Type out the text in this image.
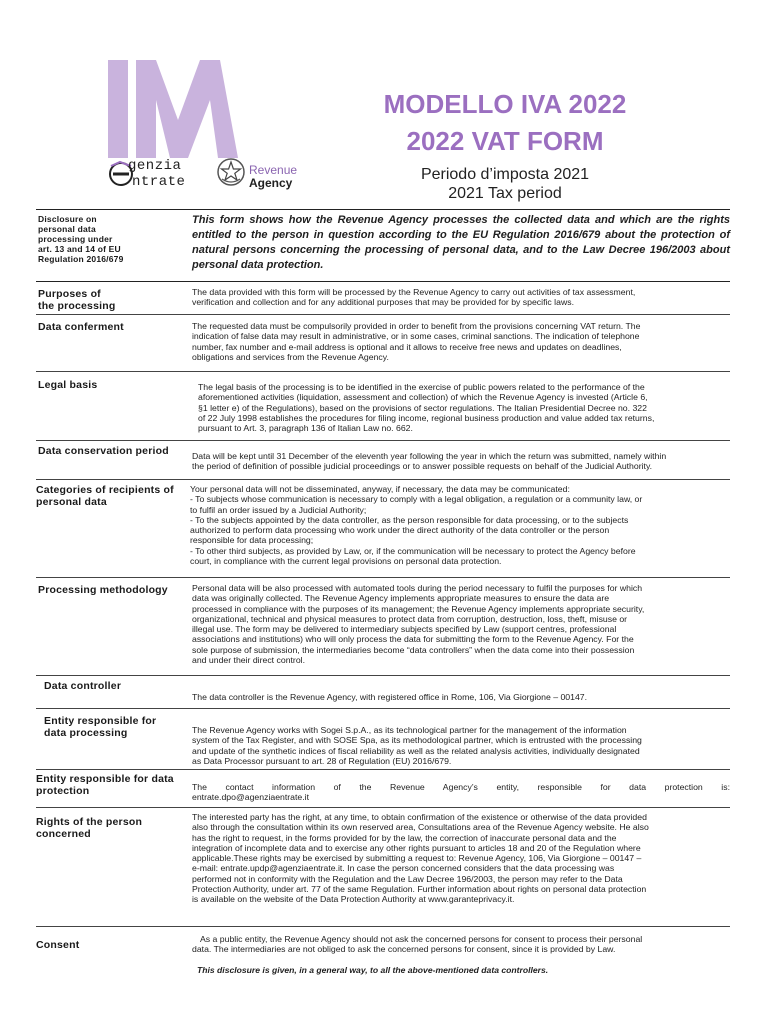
genzia
ntrate
Revenue
Agency
MODELLO IVA 2022
2022 VAT FORM
Periodo d’imposta 2021
2021 Tax period
Disclosure on
personal data
processing under
art. 13 and 14 of EU
Regulation 2016/679
This form shows how the Revenue Agency processes the collected data and which are the rights entitled to the person in question according to the EU Regulation 2016/679 about the protection of natural persons concerning the processing of personal data, and to the Law Decree 196/2003 about personal data protection.
Purposes of
the processing
The data provided with this form will be processed by the Revenue Agency to carry out activities of tax assessment,
verification and collection and for any additional purposes that may be provided for by specific laws.
Data conferment	The requested data must be compulsorily provided in order to benefit from the provisions concerning VAT return. The
indication of false data may result in administrative, or in some cases, criminal sanctions. The indication of telephone
number, fax number and e-mail address is optional and it allows to receive free news and updates on deadlines,
obligations and services from the Revenue Agency.
Legal basis	The legal basis of the processing is to be identified in the exercise of public powers related to the performance of the
aforementioned activities (liquidation, assessment and collection) of which the Revenue Agency is invested (Article 6,
§1 letter e) of the Regulations), based on the provisions of sector regulations. The Italian Presidential Decree no. 322
of 22 July 1998 establishes the procedures for filing income, regional business production and value added tax returns,
pursuant to Art. 3, paragraph 136 of Italian Law no. 662.
Data conservation period	Data will be kept until 31 December of the eleventh year following the year in which the return was submitted, namely within
the period of definition of possible judicial proceedings or to answer possible requests on behalf of the Judicial Authority.
Categories of recipients of
personal data
Your personal data will not be disseminated, anyway, if necessary, the data may be communicated:
- To subjects whose communication is necessary to comply with a legal obligation, a regulation or a community law, or
to fulfil an order issued by a Judicial Authority;
- To the subjects appointed by the data controller, as the person responsible for data processing, or to the subjects
authorized to perform data processing who work under the direct authority of the data controller or the person
responsible for data processing;
- To other third subjects, as provided by Law, or, if the communication will be necessary to protect the Agency before
court, in compliance with the current legal provisions on personal data protection.
Processing methodology	Personal data will be also processed with automated tools during the period necessary to fulfil the purposes for which
data was originally collected. The Revenue Agency implements appropriate measures to ensure the data are
processed in compliance with the purposes of its management; the Revenue Agency implements appropriate security,
organizational, technical and physical measures to protect data from corruption, destruction, loss, theft, misuse or
illegal use. The form may be delivered to intermediary subjects specified by Law (support centres, professional
associations and institutions) who will only process the data for submitting the form to the Revenue Agency. For the
sole purpose of submission, the intermediaries become “data controllers” when the data come into their possession
and under their direct control.
Data controller
The data controller is the Revenue Agency, with registered office in Rome, 106, Via Giorgione – 00147.
Entity responsible for
data processing	The Revenue Agency works with Sogei S.p.A., as its technological partner for the management of the information
system of the Tax Register, and with SOSE Spa, as its methodological partner, which is entrusted with the processing
and update of the synthetic indices of fiscal reliability as well as the related analysis activities, individually designated
as Data Processor pursuant to art. 28 of Regulation (EU) 2016/679.
Entity responsible for data
protection	The contact information of the Revenue Agency’s entity, responsible for data protection is:
entrate.dpo@agenziaentrate.it
Rights of the person
concerned
The interested party has the right, at any time, to obtain confirmation of the existence or otherwise of the data provided
also through the consultation within its own reserved area, Consultations area of the Revenue Agency website. He also
has the right to request, in the forms provided for by the law, the correction of inaccurate personal data and the
integration of incomplete data and to exercise any other rights pursuant to articles 18 and 20 of the Regulation where
applicable.These rights may be exercised by submitting a request to: Revenue Agency, 106, Via Giorgione – 00147 –
e-mail: entrate.updp@agenziaentrate.it. In case the person concerned considers that the data processing was
performed not in conformity with the Regulation and the Law Decree 196/2003, the person may refer to the Data
Protection Authority, under art. 77 of the same Regulation. Further information about rights on personal data protection
is available on the website of the Data Protection Authority at www.garanteprivacy.it.
Consent	As a public entity, the Revenue Agency should not ask the concerned persons for consent to process their personal
data. The intermediaries are not obliged to ask the concerned persons for consent, since it is provided by Law.
This disclosure is given, in a general way, to all the above-mentioned data controllers.
